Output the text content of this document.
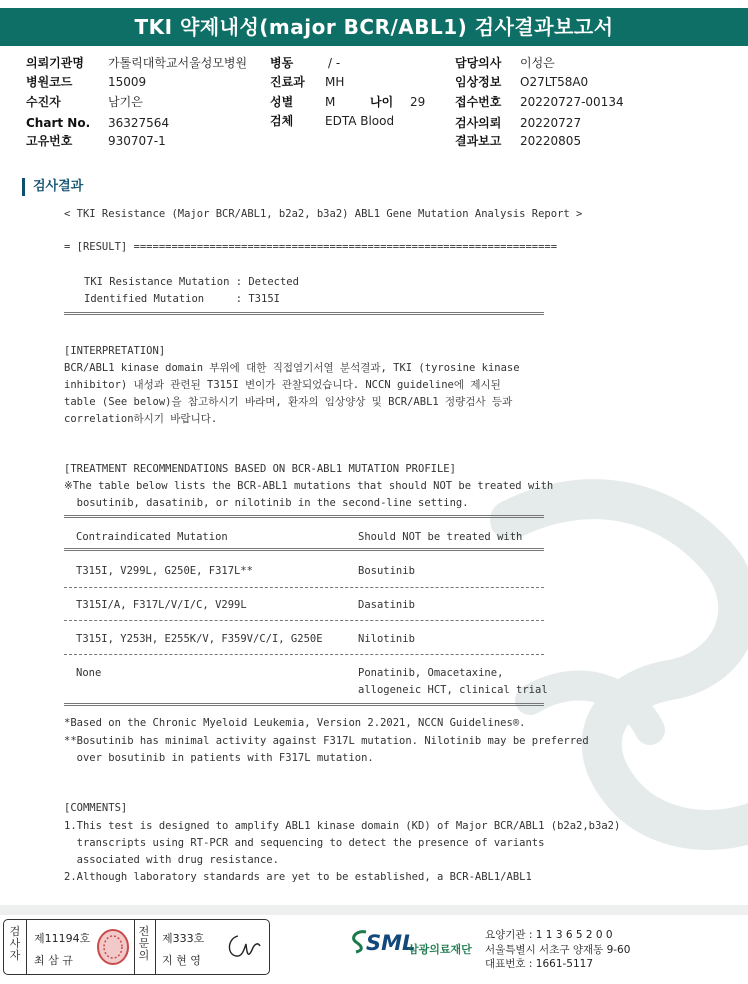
TKI 약제내성(major BCR/ABL1) 검사결과보고서
의뢰기관명 가톨릭대학교서울성모병원
병원코드	15009
수진자	남기은
Chart No. 36327564
고유번호	930707-1
병동	/ -
진료과 MH
성별	M	나이 29
검체	EDTA Blood
담당의사 이성은
임상정보 O27LT58A0
접수번호 20220727-00134
검사의뢰 20220727
결과보고 20220805
검사결과
< TKI Resistance (Major BCR/ABL1, b2a2, b3a2) ABL1 Gene Mutation Analysis Report >
= [RESULT] ===================================================================
TKI Resistance Mutation : Detected
Identified Mutation     : T315I
[INTERPRETATION]
BCR/ABL1 kinase domain 부위에 대한 직접염기서열 분석결과, TKI (tyrosine kinase
inhibitor) 내성과 관련된 T315I 변이가 관찰되었습니다. NCCN guideline에 제시된
table (See below)을 참고하시기 바라며, 환자의 임상양상 및 BCR/ABL1 정량검사 등과
correlation하시기 바랍니다.
[TREATMENT RECOMMENDATIONS BASED ON BCR-ABL1 MUTATION PROFILE]
※The table below lists the BCR-ABL1 mutations that should NOT be treated with
bosutinib, dasatinib, or nilotinib in the second-line setting.
Contraindicated Mutation	Should NOT be treated with
T315I, V299L, G250E, F317L**	Bosutinib
T315I/A, F317L/V/I/C, V299L	Dasatinib
T315I, Y253H, E255K/V, F359V/C/I, G250E	Nilotinib
None	Ponatinib, Omacetaxine,
allogeneic HCT, clinical trial
*Based on the Chronic Myeloid Leukemia, Version 2.2021, NCCN Guidelines®.
**Bosutinib has minimal activity against F317L mutation. Nilotinib may be preferred
over bosutinib in patients with F317L mutation.
[COMMENTS]
1.This test is designed to amplify ABL1 kinase domain (KD) of Major BCR/ABL1 (b2a2,b3a2)
transcripts using RT-PCR and sequencing to detect the presence of variants
associated with drug resistance.
2.Although laboratory standards are yet to be established, a BCR-ABL1/ABL1
검사자
제11194호
최 삼 규
전문의
제333호
지 현 영
SML
삼광의료재단
요양기관 : 1 1 3 6 5 2 0 0
서울특별시 서초구 양재동 9-60
대표번호 : 1661-5117
